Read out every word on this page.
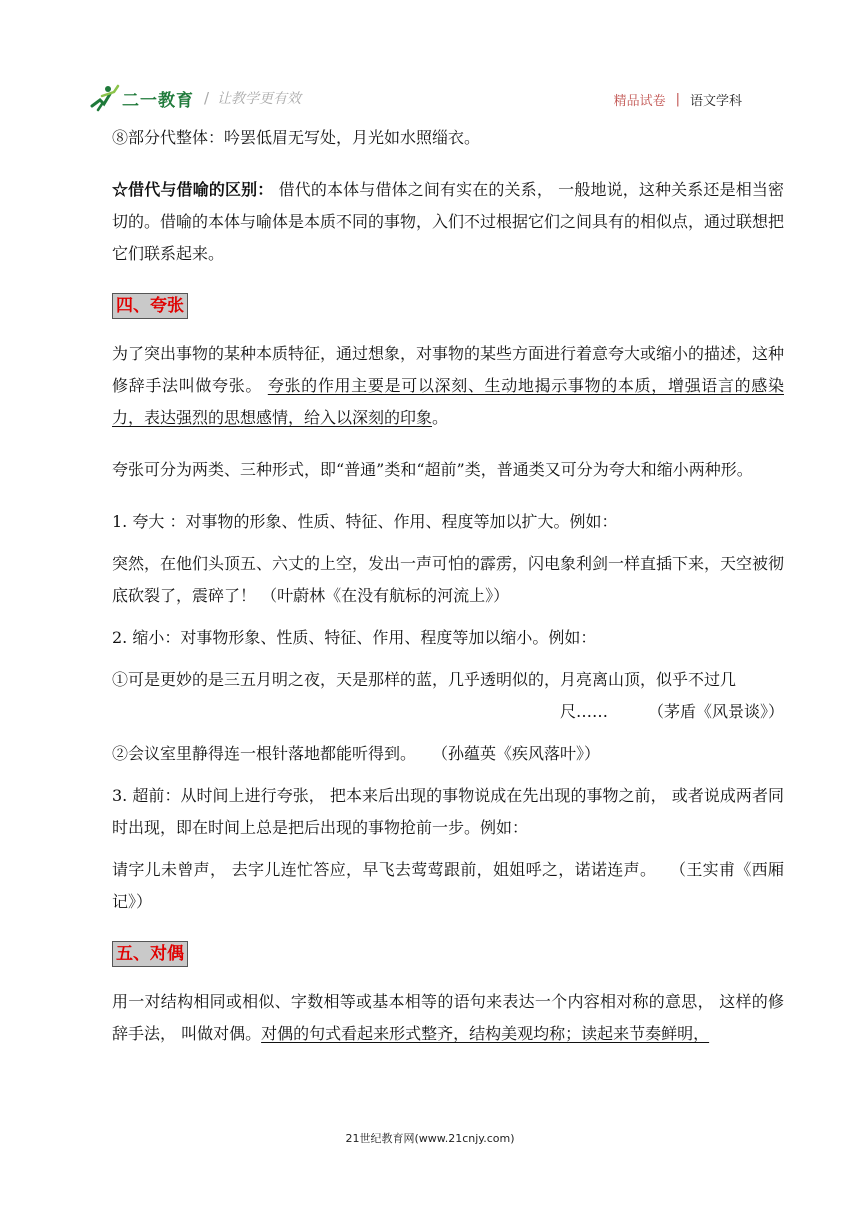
二一教育 / 让教学更有效	精品试卷 | 语文学科

⑧部分代整体：吟罢低眉无写处，月光如水照缁衣。

☆借代与借喻的区别： 借代的本体与借体之间有实在的关系， 一般地说，这种关系还是相当密切的。借喻的本体与喻体是本质不同的事物，入们不过根据它们之间具有的相似点，通过联想把它们联系起来。

四、夸张

为了突出事物的某种本质特征，通过想象，对事物的某些方面进行着意夸大或缩小的描述，这种修辞手法叫做夸张。 夸张的作用主要是可以深刻、生动地揭示事物的本质，增强语言的感染力，表达强烈的思想感情，给入以深刻的印象。

夸张可分为两类、三种形式，即“普通”类和“超前”类，普通类又可分为夸大和缩小两种形。

1. 夸大 ：对事物的形象、性质、特征、作用、程度等加以扩大。例如：

突然，在他们头顶五、六丈的上空，发出一声可怕的霹雳，闪电象利剑一样直插下来，天空被彻底砍裂了，震碎了！ （叶蔚林《在没有航标的河流上》）

2. 缩小：对事物形象、性质、特征、作用、程度等加以缩小。例如：

①可是更妙的是三五月明之夜，天是那样的蓝，几乎透明似的，月亮离山顶，似乎不过几

尺……　　　（茅盾《风景谈》）

②会议室里静得连一根针落地都能听得到。　　（孙蕴英《疾风落叶》）

3. 超前：从时间上进行夸张， 把本来后出现的事物说成在先出现的事物之前， 或者说成两者同时出现，即在时间上总是把后出现的事物抢前一步。例如：

请字儿未曾声， 去字儿连忙答应，早飞去莺莺跟前，姐姐呼之，诺诺连声。　 （王实甫《西厢记》）

五、对偶

用一对结构相同或相似、字数相等或基本相等的语句来表达一个内容相对称的意思， 这样的修辞手法， 叫做对偶。对偶的句式看起来形式整齐，结构美观均称；读起来节奏鲜明，

21世纪教育网(www.21cnjy.com)
